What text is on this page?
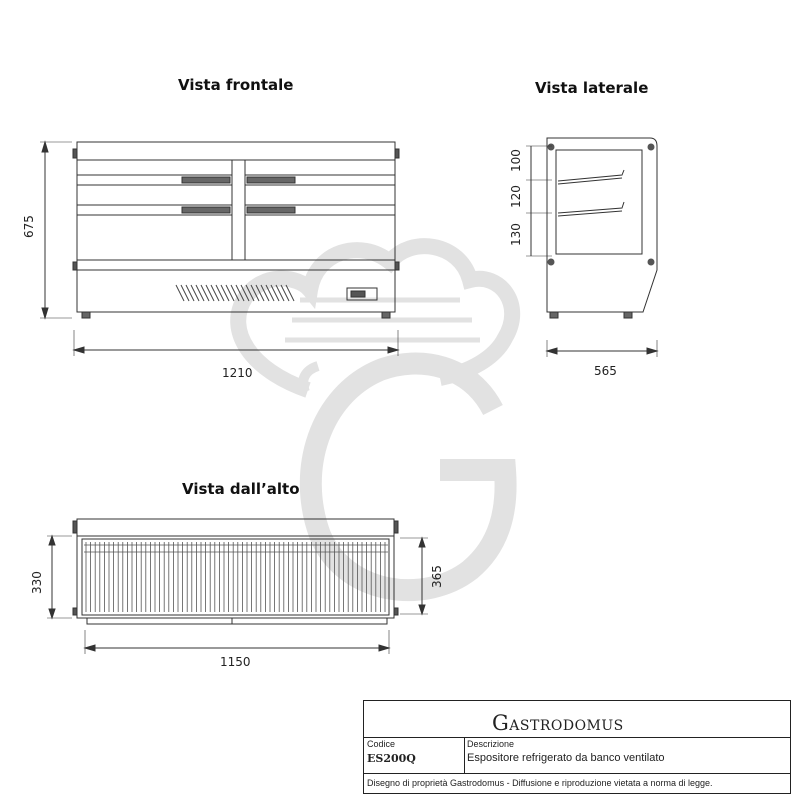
Vista frontale	Vista laterale
Vista dall’alto
675
1210
100
120
130
565
330	365
1150
GASTRODOMUS
Codice
ES200Q
Descrizione
Espositore refrigerato da banco ventilato
Disegno di proprietà Gastrodomus - Diffusione e riproduzione vietata a norma di legge.
